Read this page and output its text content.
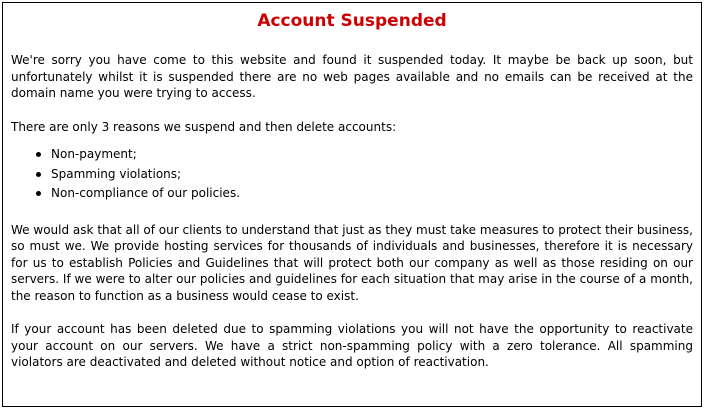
Account Suspended

We're sorry you have come to this website and found it suspended today. It maybe be back up soon, but unfortunately whilst it is suspended there are no web pages available and no emails can be received at the domain name you were trying to access.

There are only 3 reasons we suspend and then delete accounts:

Non-payment;
Spamming violations;
Non-compliance of our policies.

We would ask that all of our clients to understand that just as they must take measures to protect their business, so must we. We provide hosting services for thousands of individuals and businesses, therefore it is necessary for us to establish Policies and Guidelines that will protect both our company as well as those residing on our servers. If we were to alter our policies and guidelines for each situation that may arise in the course of a month, the reason to function as a business would cease to exist.

If your account has been deleted due to spamming violations you will not have the opportunity to reactivate your account on our servers. We have a strict non-spamming policy with a zero tolerance. All spamming violators are deactivated and deleted without notice and option of reactivation.
